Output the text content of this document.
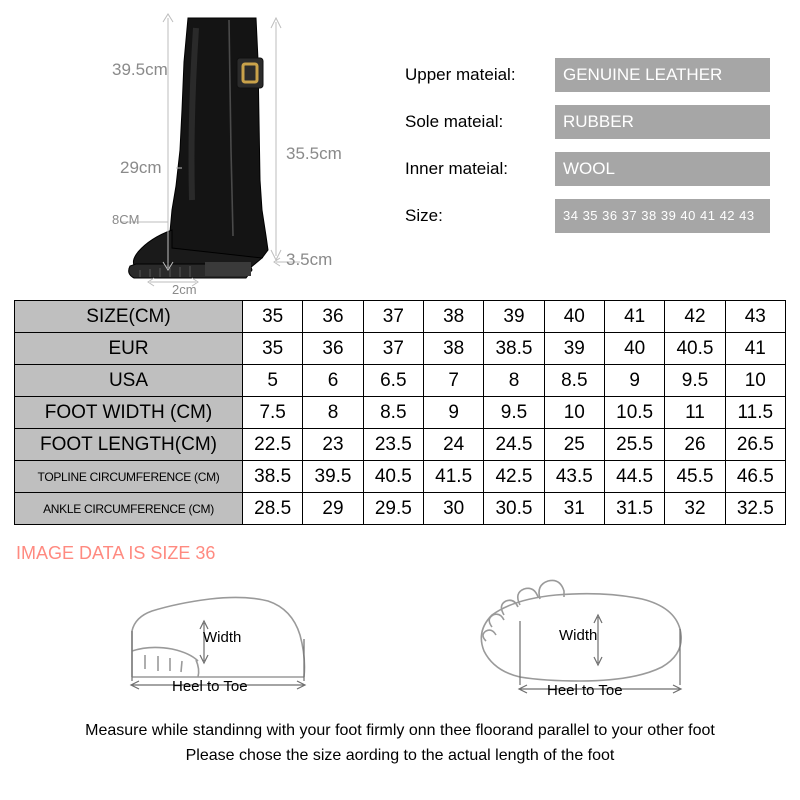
39.5cm
29cm
8CM
2cm
35.5cm
3.5cm
Upper mateial:	GENUINE LEATHER
Sole mateial:	RUBBER
Inner mateial:	WOOL
Size:	34 35 36 37 38 39 40 41 42 43
SIZE(CM)	35	36	37	38	39	40	41	42	43
EUR	35	36	37	38	38.5	39	40	40.5	41
USA	5	6	6.5	7	8	8.5	9	9.5	10
FOOT WIDTH (CM)	7.5	8	8.5	9	9.5	10	10.5	11	11.5
FOOT LENGTH(CM)	22.5	23	23.5	24	24.5	25	25.5	26	26.5
TOPLINE CIRCUMFERENCE (CM)	38.5	39.5	40.5	41.5	42.5	43.5	44.5	45.5	46.5
ANKLE CIRCUMFERENCE (CM)	28.5	29	29.5	30	30.5	31	31.5	32	32.5
IMAGE DATA IS SIZE 36
Width
Heel to Toe
Width
Heel to Toe
Measure while standinng with your foot firmly onn thee floorand parallel to your other foot
Please chose the size aording to the actual length of the foot
